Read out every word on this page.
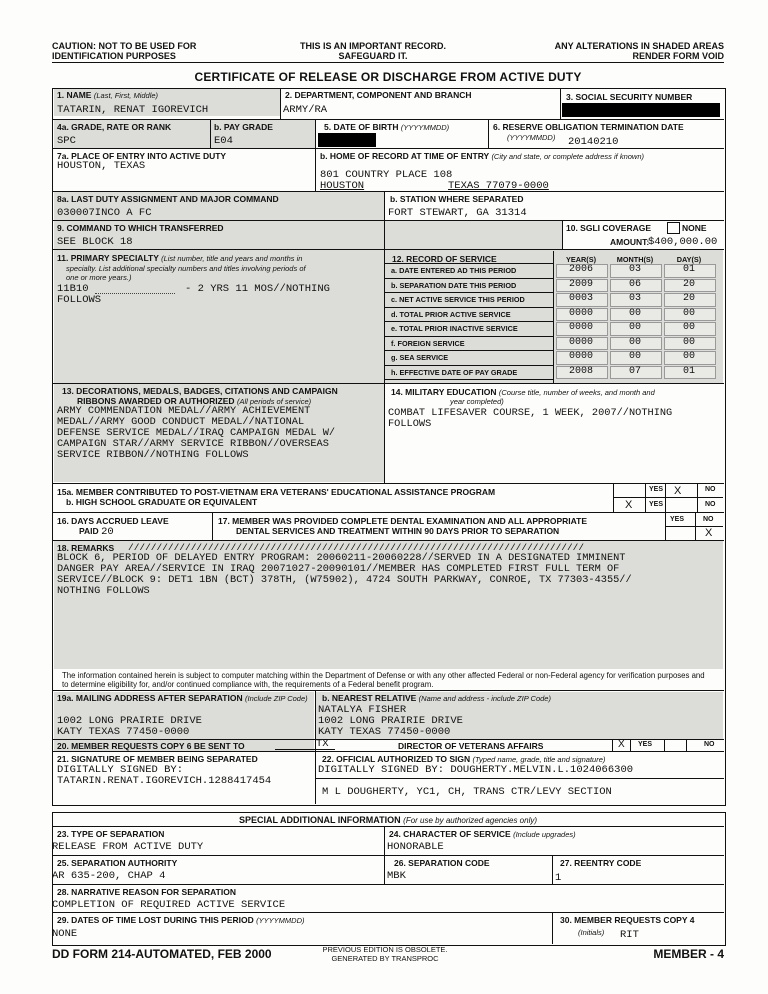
CAUTION: NOT TO BE USED FOR
IDENTIFICATION PURPOSES
THIS IS AN IMPORTANT RECORD.
SAFEGUARD IT.
ANY ALTERATIONS IN SHADED AREAS
RENDER FORM VOID
CERTIFICATE OF RELEASE OR DISCHARGE FROM ACTIVE DUTY
1. NAME (Last, First, Middle)
TATARIN, RENAT IGOREVICH
2. DEPARTMENT, COMPONENT AND BRANCH
ARMY/RA
3. SOCIAL SECURITY NUMBER
4a. GRADE, RATE OR RANK
SPC
b. PAY GRADE
E04
5. DATE OF BIRTH (YYYYMMDD)	6. RESERVE OBLIGATION TERMINATION DATE
(YYYYMMDD) 20140210
7a. PLACE OF ENTRY INTO ACTIVE DUTY
HOUSTON, TEXAS
b. HOME OF RECORD AT TIME OF ENTRY (City and state, or complete address if known)
801 COUNTRY PLACE 108
HOUSTON	TEXAS 77079-0000
8a. LAST DUTY ASSIGNMENT AND MAJOR COMMAND
030007INCO A FC
b. STATION WHERE SEPARATED
FORT STEWART, GA 31314
9. COMMAND TO WHICH TRANSFERRED
SEE BLOCK 18
10. SGLI COVERAGE	NONE
AMOUNT:
$400,000.00
11. PRIMARY SPECIALTY (List number, title and years and months in
specialty. List additional specialty numbers and titles involving periods of
one or more years.)
11B10	- 2 YRS 11 MOS//NOTHING
FOLLOWS
12. RECORD OF SERVICE	YEAR(S)	MONTH(S)	DAY(S)
a. DATE ENTERED AD THIS PERIOD	2006	03	01
b. SEPARATION DATE THIS PERIOD	2009	06	20
c. NET ACTIVE SERVICE THIS PERIOD	0003	03	20
d. TOTAL PRIOR ACTIVE SERVICE	0000	00	00
e. TOTAL PRIOR INACTIVE SERVICE	0000	00	00
f. FOREIGN SERVICE	0000	00	00
g. SEA SERVICE	0000	00	00
h. EFFECTIVE DATE OF PAY GRADE	2008	07	01
13. DECORATIONS, MEDALS, BADGES, CITATIONS AND CAMPAIGN
RIBBONS AWARDED OR AUTHORIZED (All periods of service)
ARMY COMMENDATION MEDAL//ARMY ACHIEVEMENT
MEDAL//ARMY GOOD CONDUCT MEDAL//NATIONAL
DEFENSE SERVICE MEDAL//IRAQ CAMPAIGN MEDAL W/
CAMPAIGN STAR//ARMY SERVICE RIBBON//OVERSEAS
SERVICE RIBBON//NOTHING FOLLOWS
14. MILITARY EDUCATION (Course title, number of weeks, and month and
year completed)
COMBAT LIFESAVER COURSE, 1 WEEK, 2007//NOTHING
FOLLOWS
15a. MEMBER CONTRIBUTED TO POST-VIETNAM ERA VETERANS' EDUCATIONAL ASSISTANCE PROGRAM
b. HIGH SCHOOL GRADUATE OR EQUIVALENT
YES X	NO
X YES	NO
16. DAYS ACCRUED LEAVE
PAID 20
17. MEMBER WAS PROVIDED COMPLETE DENTAL EXAMINATION AND ALL APPROPRIATE
DENTAL SERVICES AND TREATMENT WITHIN 90 DAYS PRIOR TO SEPARATION
YES	NO
X
18. REMARKS ////////////////////////////////////////////////////////////////////////////////
BLOCK 6, PERIOD OF DELAYED ENTRY PROGRAM: 20060211-20060228//SERVED IN A DESIGNATED IMMINENT
DANGER PAY AREA//SERVICE IN IRAQ 20071027-20090101//MEMBER HAS COMPLETED FIRST FULL TERM OF
SERVICE//BLOCK 9: DET1 1BN (BCT) 378TH, (W75902), 4724 SOUTH PARKWAY, CONROE, TX 77303-4355//
NOTHING FOLLOWS
The information contained herein is subject to computer matching within the Department of Defense or with any other affected Federal or non-Federal agency for verification purposes and to determine eligibility for, and/or continued compliance with, the requirements of a Federal benefit program.
19a. MAILING ADDRESS AFTER SEPARATION (Include ZIP Code)
1002 LONG PRAIRIE DRIVE
KATY TEXAS 77450-0000
b. NEAREST RELATIVE (Name and address - include ZIP Code)
NATALYA FISHER
1002 LONG PRAIRIE DRIVE
KATY TEXAS 77450-0000
20. MEMBER REQUESTS COPY 6 BE SENT TO	TX	DIRECTOR OF VETERANS AFFAIRS	X YES	NO
21. SIGNATURE OF MEMBER BEING SEPARATED
DIGITALLY SIGNED BY:
TATARIN.RENAT.IGOREVICH.1288417454
22. OFFICIAL AUTHORIZED TO SIGN (Typed name, grade, title and signature)
DIGITALLY SIGNED BY: DOUGHERTY.MELVIN.L.1024066300
M L DOUGHERTY, YC1, CH, TRANS CTR/LEVY SECTION
SPECIAL ADDITIONAL INFORMATION (For use by authorized agencies only)
23. TYPE OF SEPARATION
RELEASE FROM ACTIVE DUTY
24. CHARACTER OF SERVICE (Include upgrades)
HONORABLE
25. SEPARATION AUTHORITY
AR 635-200, CHAP 4
26. SEPARATION CODE
MBK
27. REENTRY CODE
1
28. NARRATIVE REASON FOR SEPARATION
COMPLETION OF REQUIRED ACTIVE SERVICE
29. DATES OF TIME LOST DURING THIS PERIOD (YYYYMMDD)
NONE
30. MEMBER REQUESTS COPY 4
(Initials) RIT
DD FORM 214-AUTOMATED, FEB 2000	PREVIOUS EDITION IS OBSOLETE.
GENERATED BY TRANSPROC	MEMBER - 4
